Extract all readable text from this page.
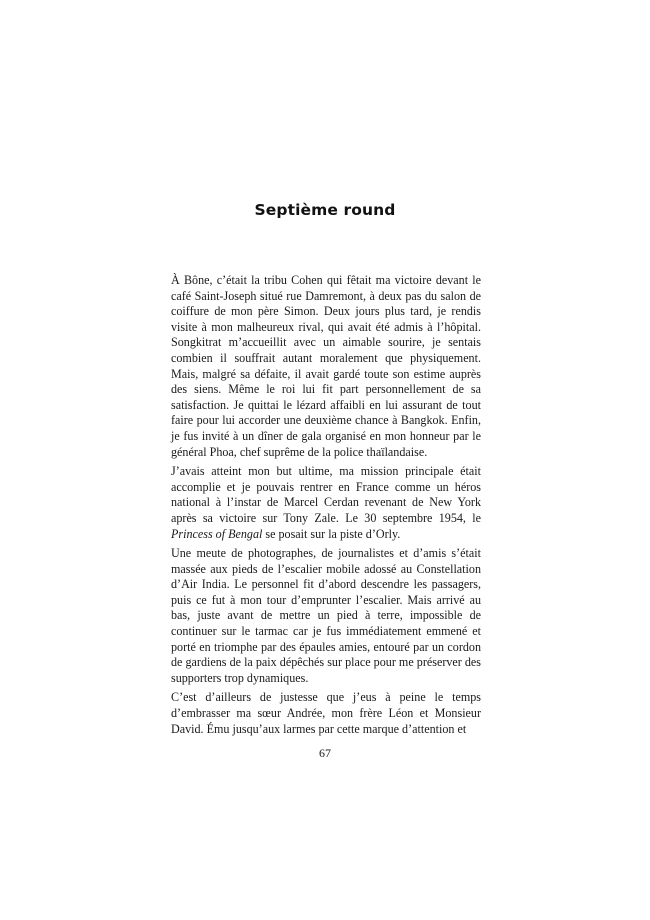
Septième round

À Bône, c’était la tribu Cohen qui fêtait ma victoire devant le café Saint-Joseph situé rue Damremont, à deux pas du salon de coiffure de mon père Simon. Deux jours plus tard, je rendis visite à mon malheureux rival, qui avait été admis à l’hôpital. Songkitrat m’accueillit avec un aimable sourire, je sentais combien il souffrait autant moralement que physiquement. Mais, malgré sa défaite, il avait gardé toute son estime auprès des siens. Même le roi lui fit part personnellement de sa satisfaction. Je quittai le lézard affaibli en lui assurant de tout faire pour lui accorder une deuxième chance à Bangkok. Enfin, je fus invité à un dîner de gala organisé en mon honneur par le général Phoa, chef suprême de la police thaïlandaise.

J’avais atteint mon but ultime, ma mission principale était accomplie et je pouvais rentrer en France comme un héros national à l’instar de Marcel Cerdan revenant de New York après sa victoire sur Tony Zale. Le 30 septembre 1954, le Princess of Bengal se posait sur la piste d’Orly.

Une meute de photographes, de journalistes et d’amis s’était massée aux pieds de l’escalier mobile adossé au Constellation d’Air India. Le personnel fit d’abord descendre les passagers, puis ce fut à mon tour d’emprunter l’escalier. Mais arrivé au bas, juste avant de mettre un pied à terre, impossible de continuer sur le tarmac car je fus immédiatement emmené et porté en triomphe par des épaules amies, entouré par un cordon de gardiens de la paix dépêchés sur place pour me préserver des supporters trop dynamiques.

C’est d’ailleurs de justesse que j’eus à peine le temps d’embrasser ma sœur Andrée, mon frère Léon et Monsieur David. Ému jusqu’aux larmes par cette marque d’attention et

67
